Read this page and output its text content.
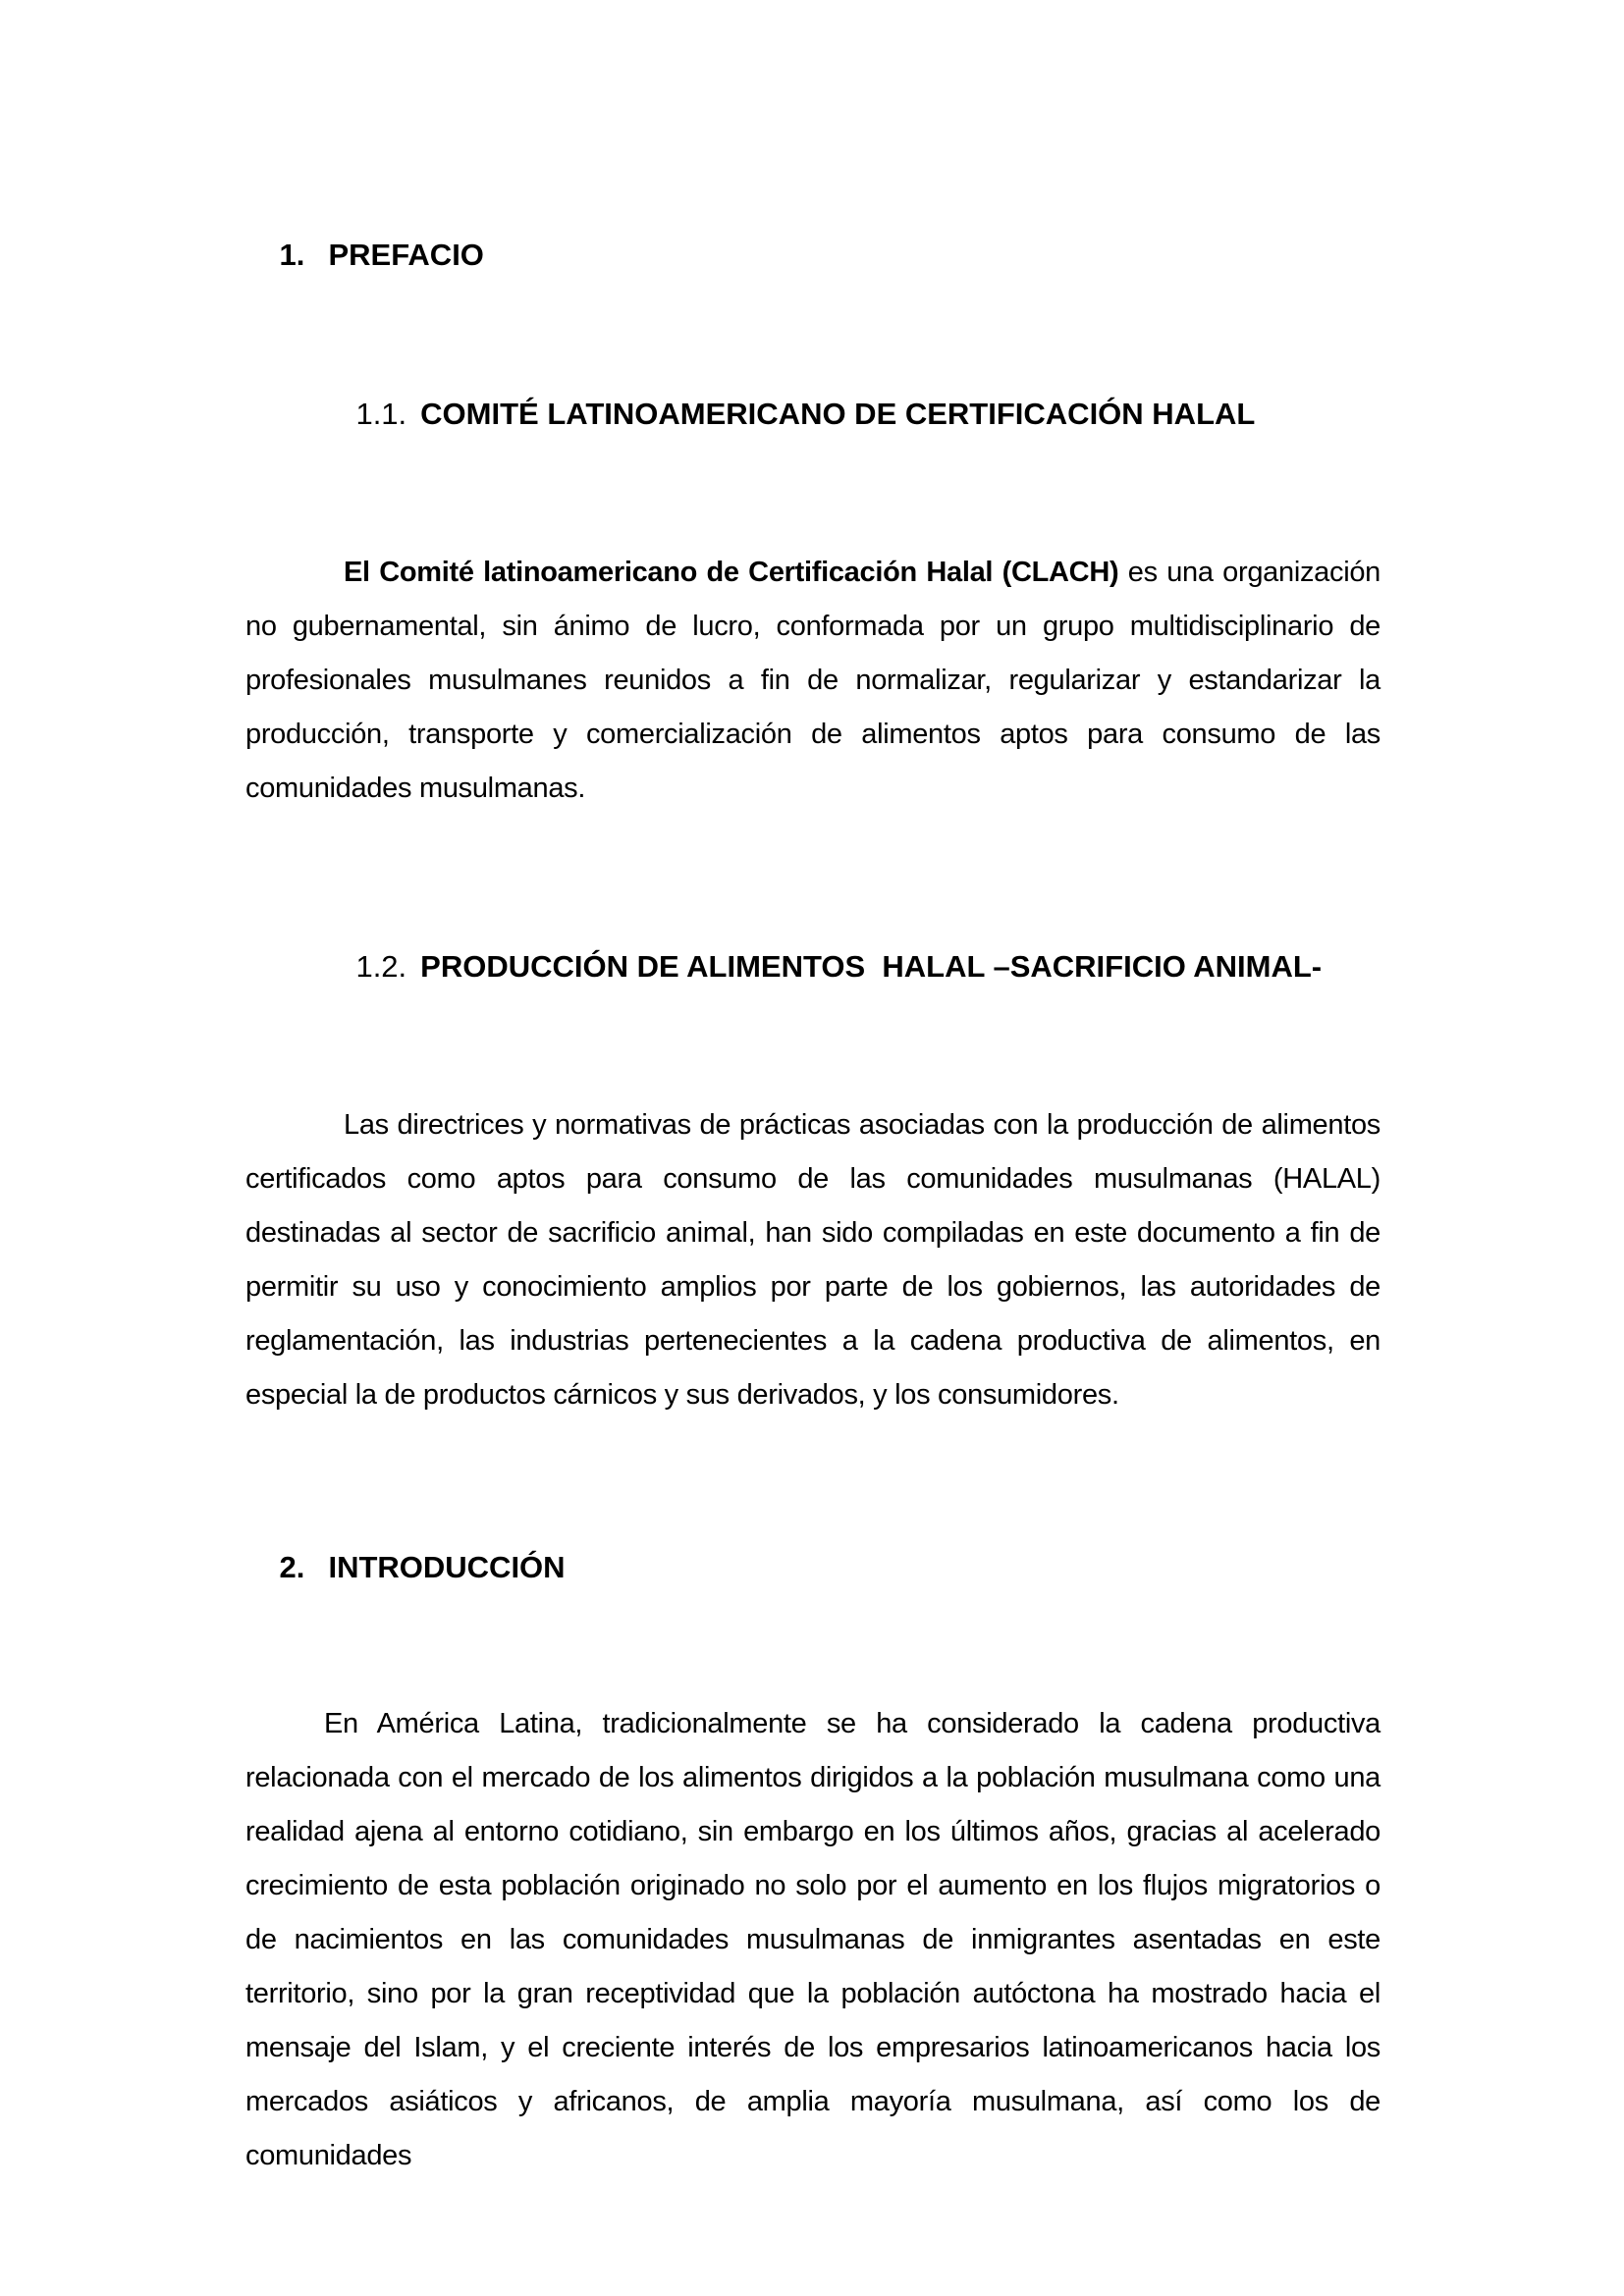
1. PREFACIO

1.1. COMITÉ LATINOAMERICANO DE CERTIFICACIÓN HALAL

El Comité latinoamericano de Certificación Halal (CLACH) es una organización no gubernamental, sin ánimo de lucro, conformada por un grupo multidisciplinario de profesionales musulmanes reunidos a fin de normalizar, regularizar y estandarizar la producción, transporte y comercialización de alimentos aptos para consumo de las comunidades musulmanas.

1.2. PRODUCCIÓN DE ALIMENTOS  HALAL –SACRIFICIO ANIMAL-

Las directrices y normativas de prácticas asociadas con la producción de alimentos certificados como aptos para consumo de las comunidades musulmanas (HALAL) destinadas al sector de sacrificio animal, han sido compiladas en este documento a fin de permitir su uso y conocimiento amplios por parte de los gobiernos, las autoridades de reglamentación, las industrias pertenecientes a la cadena productiva de alimentos, en especial la de productos cárnicos y sus derivados, y los consumidores.

2. INTRODUCCIÓN

En América Latina, tradicionalmente se ha considerado la cadena productiva relacionada con el mercado de los alimentos dirigidos a la población musulmana como una realidad ajena al entorno cotidiano, sin embargo en los últimos años, gracias al acelerado crecimiento de esta población originado no solo por el aumento en los flujos migratorios o de nacimientos en las comunidades musulmanas de inmigrantes asentadas en este territorio, sino por la gran receptividad que la población autóctona ha mostrado hacia el mensaje del Islam, y el creciente interés de los empresarios latinoamericanos hacia los mercados asiáticos y africanos, de amplia mayoría musulmana, así como los de comunidades
